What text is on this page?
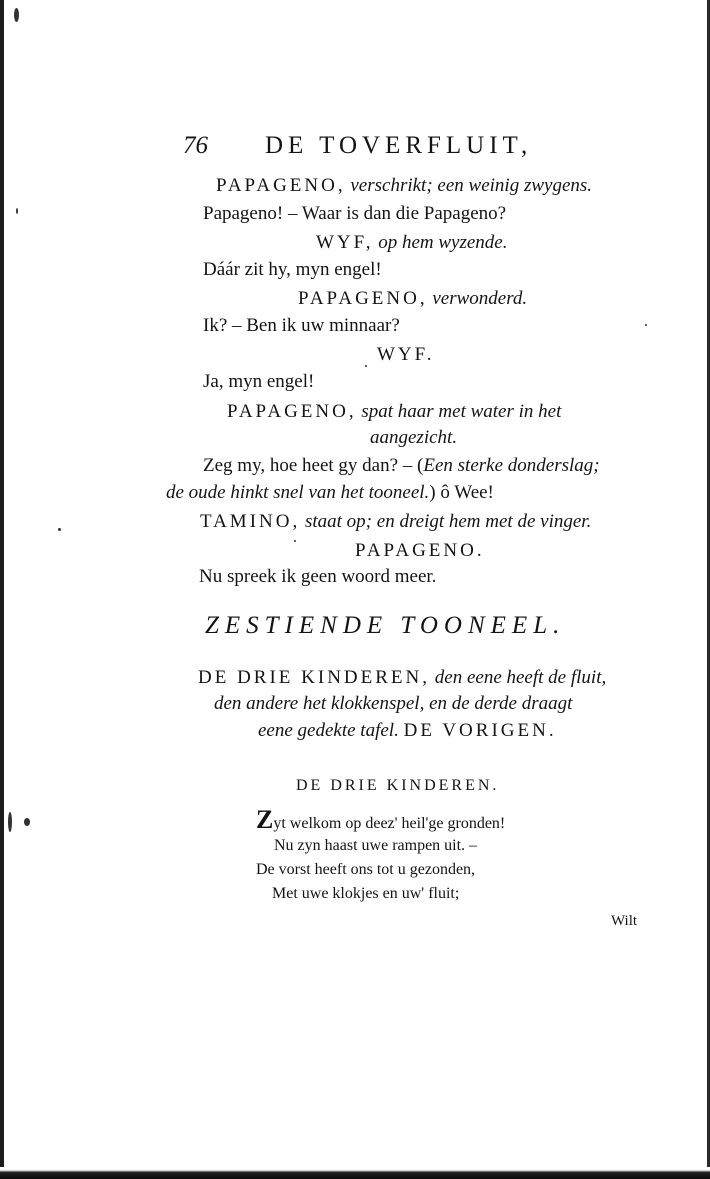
76 DE TOVERFLUIT,
PAPAGENO, verschrikt; een weinig zwygens.
Papageno! – Waar is dan die Papageno?
WYF, op hem wyzende.
Dáár zit hy, myn engel!
PAPAGENO, verwonderd.
Ik? – Ben ik uw minnaar?
WYF.
Ja, myn engel!
PAPAGENO, spat haar met water in het
aangezicht.
Zeg my, hoe heet gy dan? – (Een sterke donderslag;
de oude hinkt snel van het tooneel.) ô Wee!
TAMINO, staat op; en dreigt hem met de vinger.
PAPAGENO.
Nu spreek ik geen woord meer.
ZESTIENDE TOONEEL.
DE DRIE KINDEREN, den eene heeft de fluit,
den andere het klokkenspel, en de derde draagt
eene gedekte tafel. DE VORIGEN.
DE DRIE KINDEREN.
Zyt welkom op deez' heil'ge gronden!
Nu zyn haast uwe rampen uit. –
De vorst heeft ons tot u gezonden,
Met uwe klokjes en uw' fluit;
Wilt
